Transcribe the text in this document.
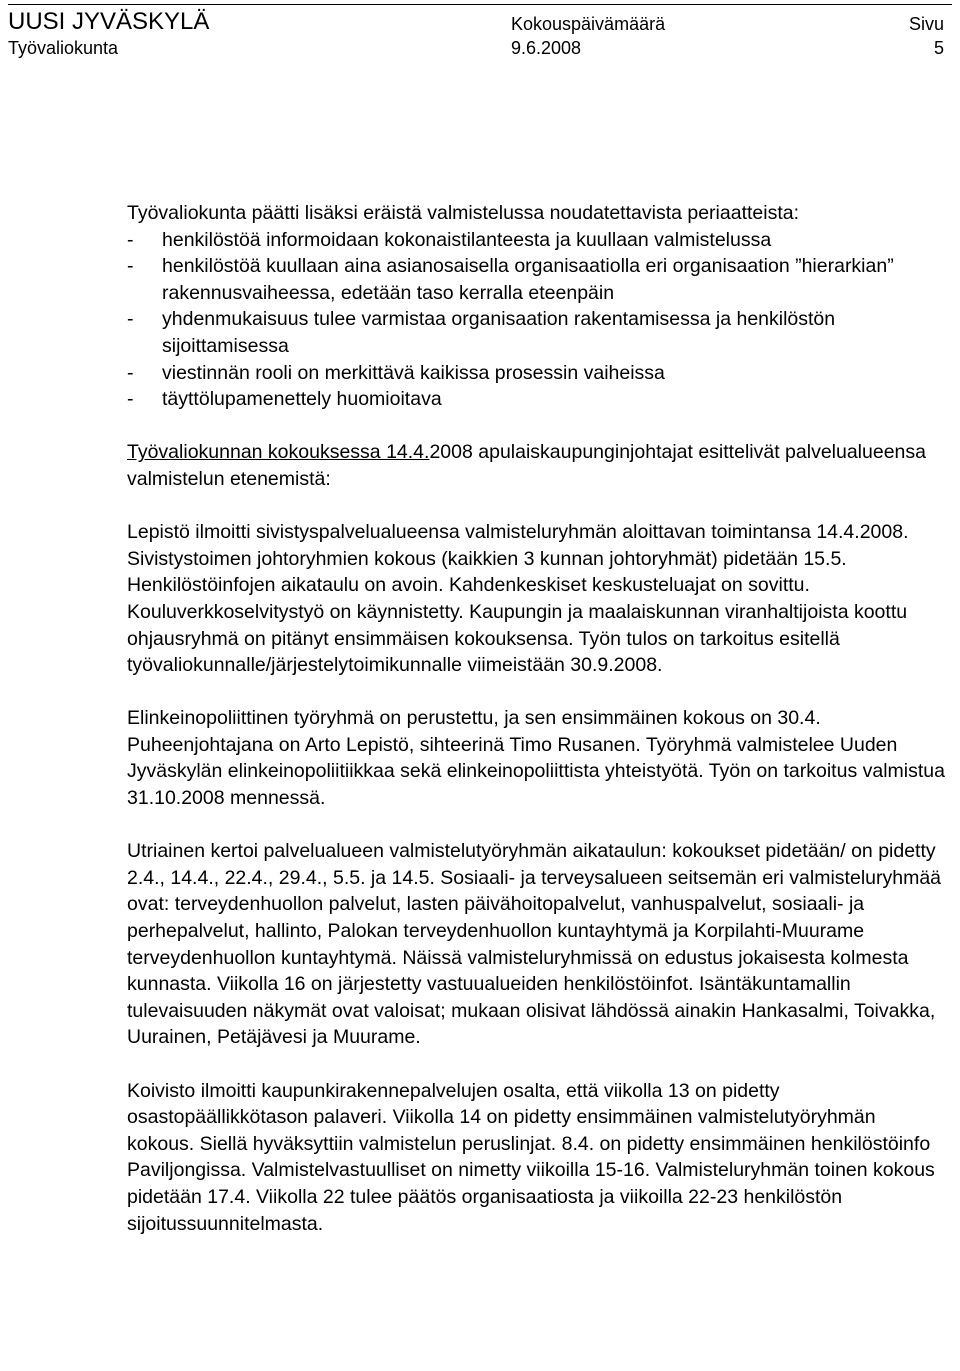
UUSI JYVÄSKYLÄ
Työvaliokunta
Kokouspäivämäärä
9.6.2008
Sivu
5

Työvaliokunta päätti lisäksi eräistä valmistelussa noudatettavista periaatteista:

- henkilöstöä informoidaan kokonaistilanteesta ja kuullaan valmistelussa
- henkilöstöä kuullaan aina asianosaisella organisaatiolla eri organisaation ”hierarkian” rakennusvaiheessa, edetään taso kerralla eteenpäin
- yhdenmukaisuus tulee varmistaa organisaation rakentamisessa ja henkilöstön sijoittamisessa
- viestinnän rooli on merkittävä kaikissa prosessin vaiheissa
- täyttölupamenettely huomioitava

Työvaliokunnan kokouksessa 14.4.2008 apulaiskaupunginjohtajat esittelivät palvelualueensa valmistelun etenemistä:

Lepistö ilmoitti sivistyspalvelualueensa valmisteluryhmän aloittavan toimintansa 14.4.2008. Sivistystoimen johtoryhmien kokous (kaikkien 3 kunnan johtoryhmät) pidetään 15.5. Henkilöstöinfojen aikataulu on avoin. Kahdenkeskiset keskusteluajat on sovittu. Kouluverkkoselvitystyö on käynnistetty. Kaupungin ja maalaiskunnan viranhaltijoista koottu ohjausryhmä on pitänyt ensimmäisen kokouksensa. Työn tulos on tarkoitus esitellä työvaliokunnalle/järjestelytoimikunnalle viimeistään 30.9.2008.

Elinkeinopoliittinen työryhmä on perustettu, ja sen ensimmäinen kokous on 30.4. Puheenjohtajana on Arto Lepistö, sihteerinä Timo Rusanen. Työryhmä valmistelee Uuden Jyväskylän elinkeinopoliitiikkaa sekä elinkeinopoliittista yhteistyötä. Työn on tarkoitus valmistua 31.10.2008 mennessä.

Utriainen kertoi palvelualueen valmistelutyöryhmän aikataulun: kokoukset pidetään/ on pidetty 2.4., 14.4., 22.4., 29.4., 5.5. ja 14.5. Sosiaali- ja terveysalueen seitsemän eri valmisteluryhmää ovat: terveydenhuollon palvelut, lasten päivähoitopalvelut, vanhuspalvelut, sosiaali- ja perhepalvelut, hallinto, Palokan terveydenhuollon kuntayhtymä ja Korpilahti-Muurame terveydenhuollon kuntayhtymä. Näissä valmisteluryhmissä on edustus jokaisesta kolmesta kunnasta. Viikolla 16 on järjestetty vastuualueiden henkilöstöinfot. Isäntäkuntamallin tulevaisuuden näkymät ovat valoisat; mukaan olisivat lähdössä ainakin Hankasalmi, Toivakka, Uurainen, Petäjävesi ja Muurame.

Koivisto ilmoitti kaupunkirakennepalvelujen osalta, että viikolla 13 on pidetty osastopäällikkötason palaveri. Viikolla 14 on pidetty ensimmäinen valmistelutyöryhmän kokous. Siellä hyväksyttiin valmistelun peruslinjat. 8.4. on pidetty ensimmäinen henkilöstöinfo Paviljongissa. Valmistelvastuulliset on nimetty viikoilla 15-16. Valmisteluryhmän toinen kokous pidetään 17.4. Viikolla 22 tulee päätös organisaatiosta ja viikoilla 22-23 henkilöstön sijoitussuunnitelmasta.
